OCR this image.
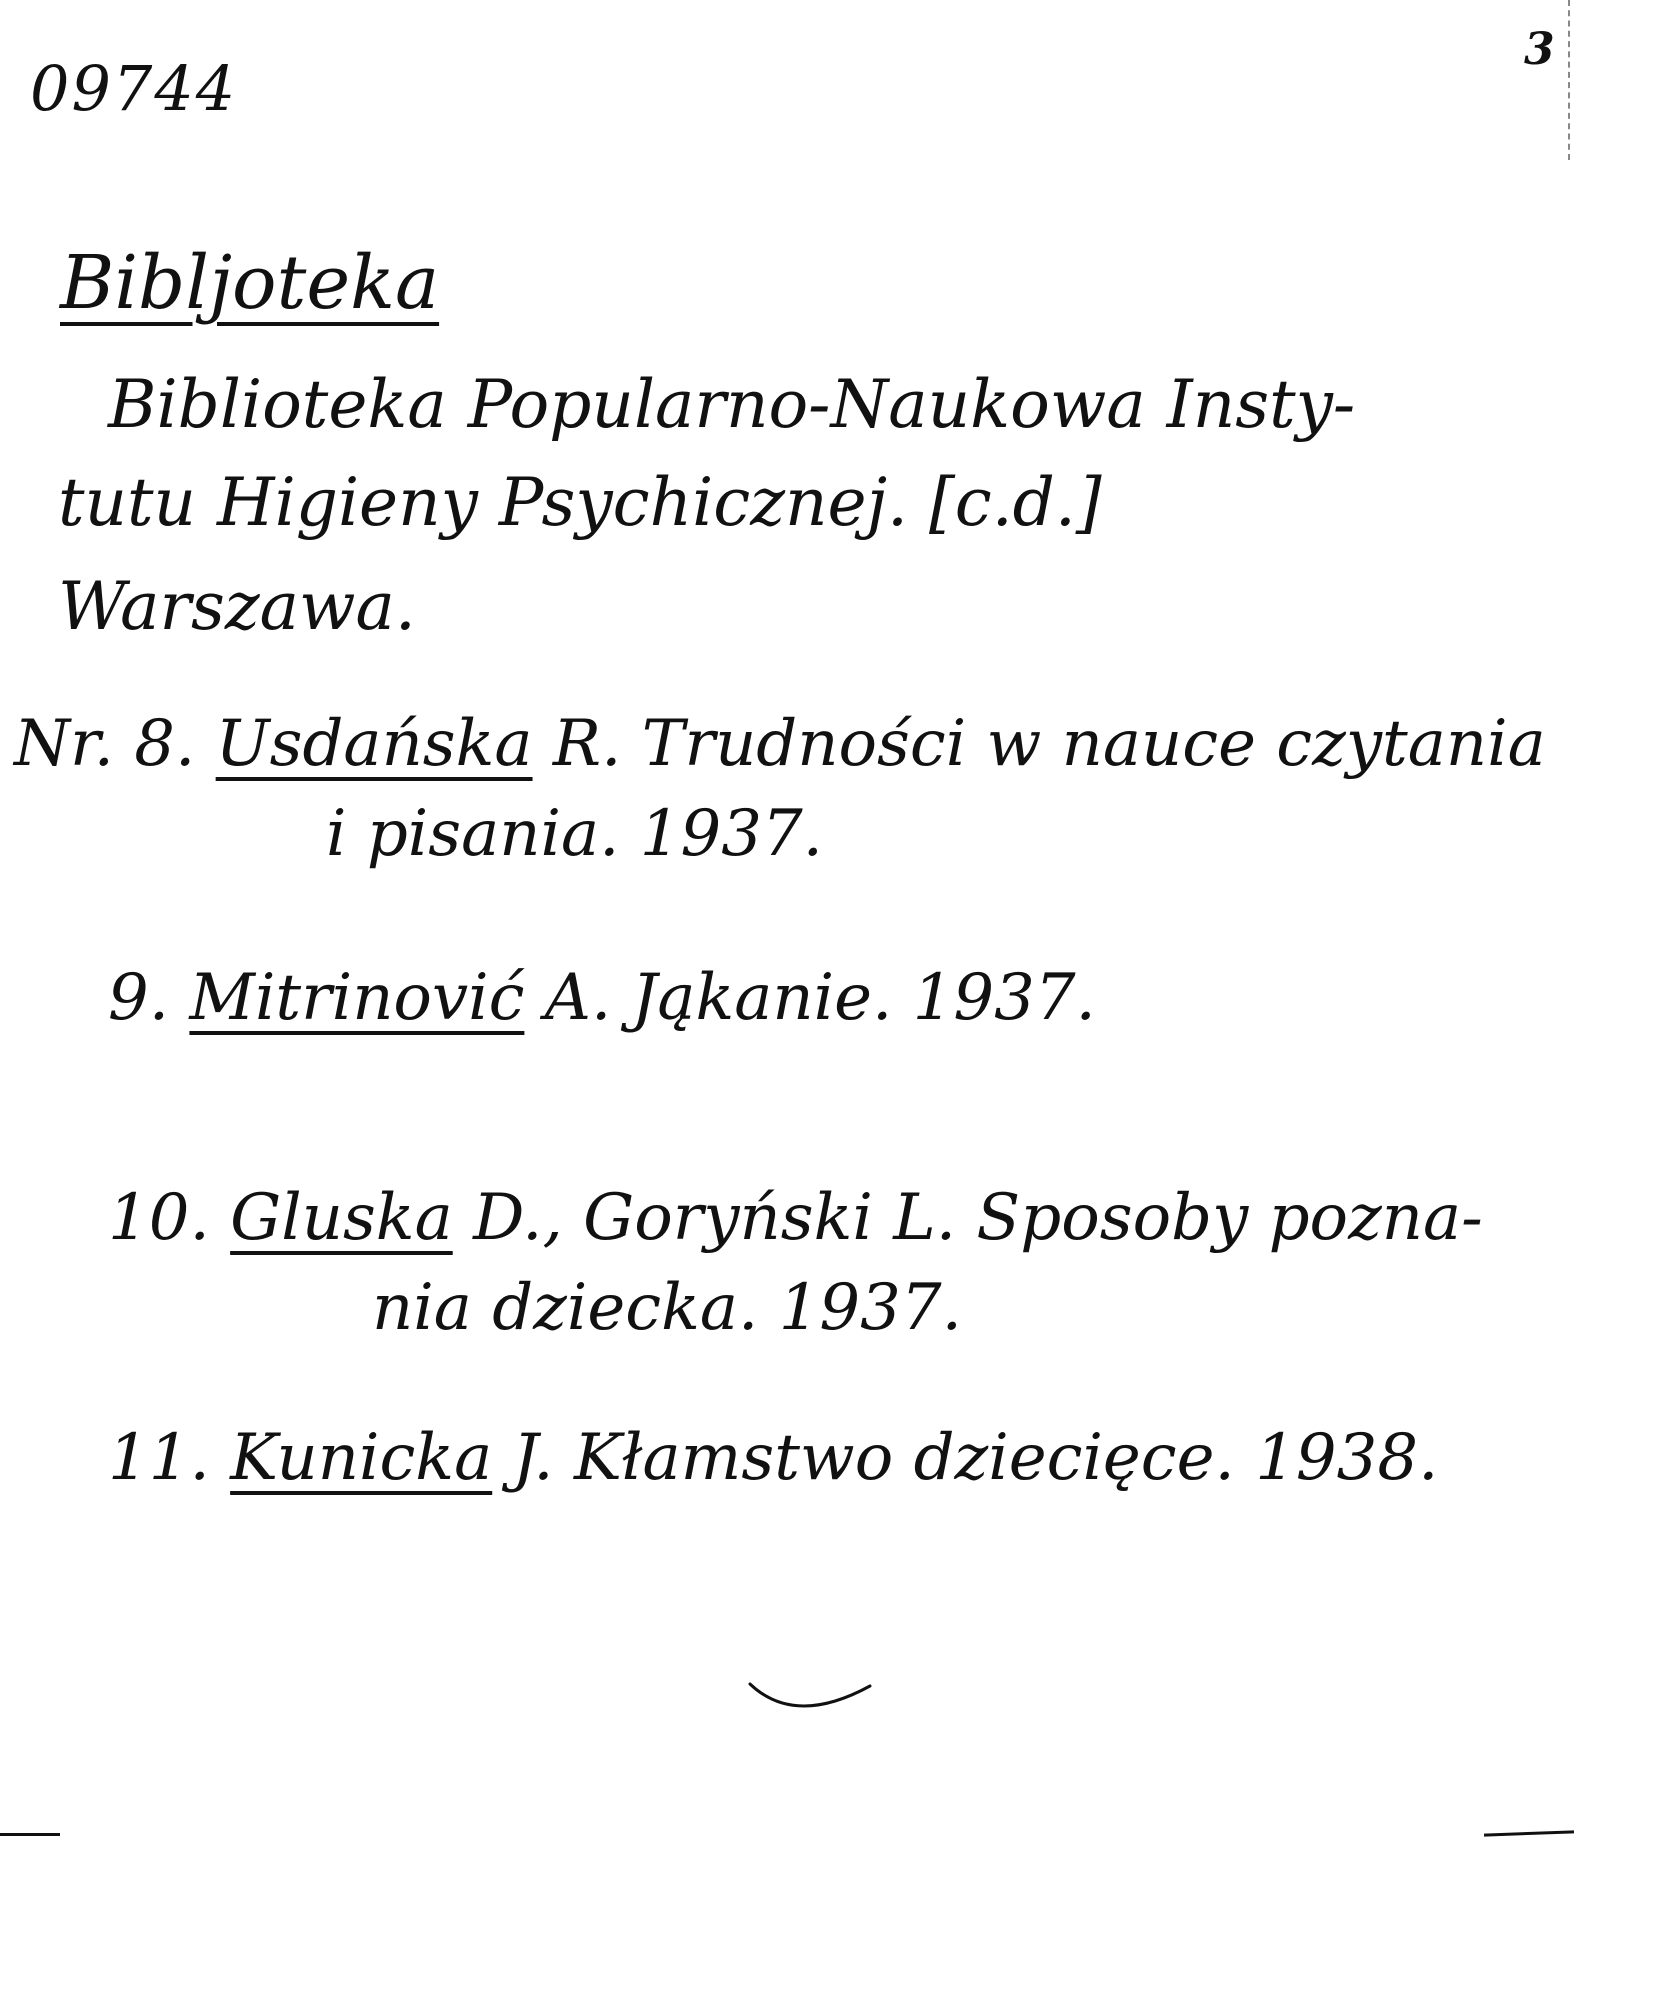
09744
3
Bibljoteka
Biblioteka Popularno-Naukowa Insty-
tutu Higieny Psychicznej. [c.d.]
Warszawa.
Nr. 8. Usdańska R. Trudności w nauce czytania
i pisania. 1937.
9. Mitrinović A. Jąkanie. 1937.
10. Gluska D., Goryński L. Sposoby pozna-
nia dziecka. 1937.
11. Kunicka J. Kłamstwo dziecięce. 1938.
